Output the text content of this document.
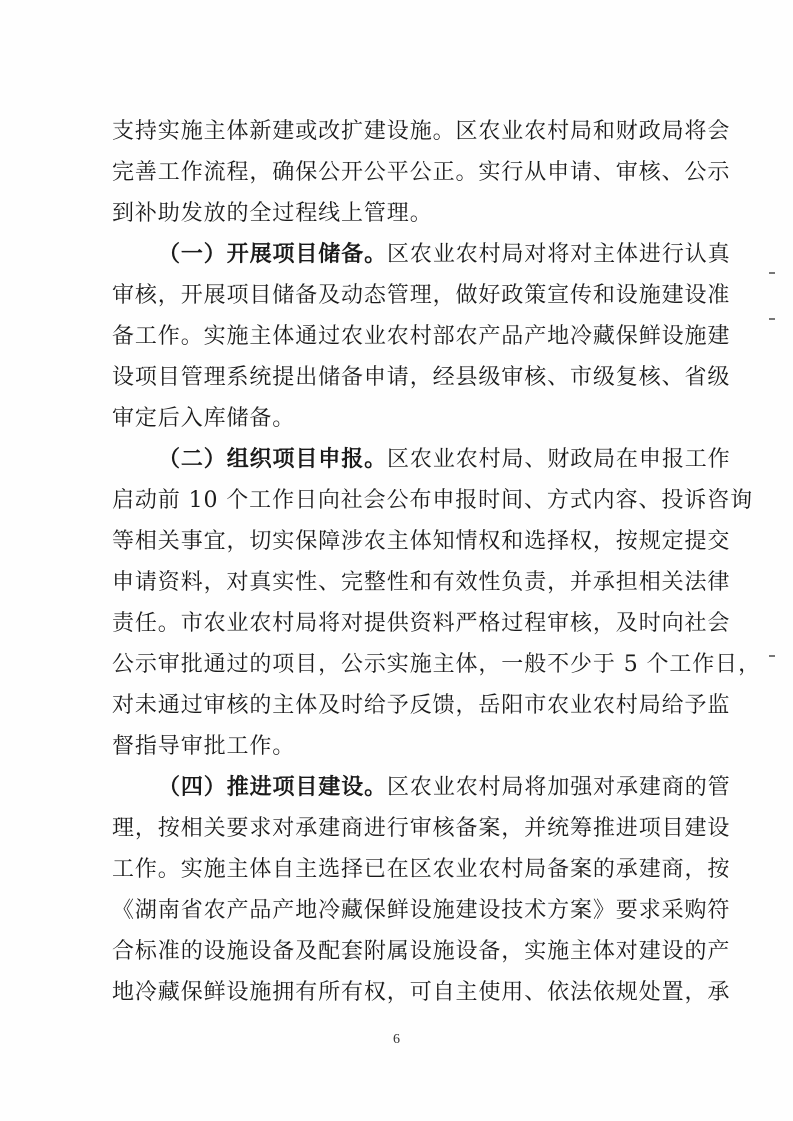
支持实施主体新建或改扩建设施。区农业农村局和财政局将会
完善工作流程，确保公开公平公正。实行从申请、审核、公示
到补助发放的全过程线上管理。
（一）开展项目储备。区农业农村局对将对主体进行认真
审核，开展项目储备及动态管理，做好政策宣传和设施建设准
备工作。实施主体通过农业农村部农产品产地冷藏保鲜设施建
设项目管理系统提出储备申请，经县级审核、市级复核、省级
审定后入库储备。
（二）组织项目申报。区农业农村局、财政局在申报工作
启动前 10 个工作日向社会公布申报时间、方式内容、投诉咨询
等相关事宜，切实保障涉农主体知情权和选择权，按规定提交
申请资料，对真实性、完整性和有效性负责，并承担相关法律
责任。市农业农村局将对提供资料严格过程审核，及时向社会
公示审批通过的项目，公示实施主体，一般不少于 5 个工作日，
对未通过审核的主体及时给予反馈，岳阳市农业农村局给予监
督指导审批工作。
（四）推进项目建设。区农业农村局将加强对承建商的管
理，按相关要求对承建商进行审核备案，并统筹推进项目建设
工作。实施主体自主选择已在区农业农村局备案的承建商，按
《湖南省农产品产地冷藏保鲜设施建设技术方案》要求采购符
合标准的设施设备及配套附属设施设备，实施主体对建设的产
地冷藏保鲜设施拥有所有权，可自主使用、依法依规处置，承
6
